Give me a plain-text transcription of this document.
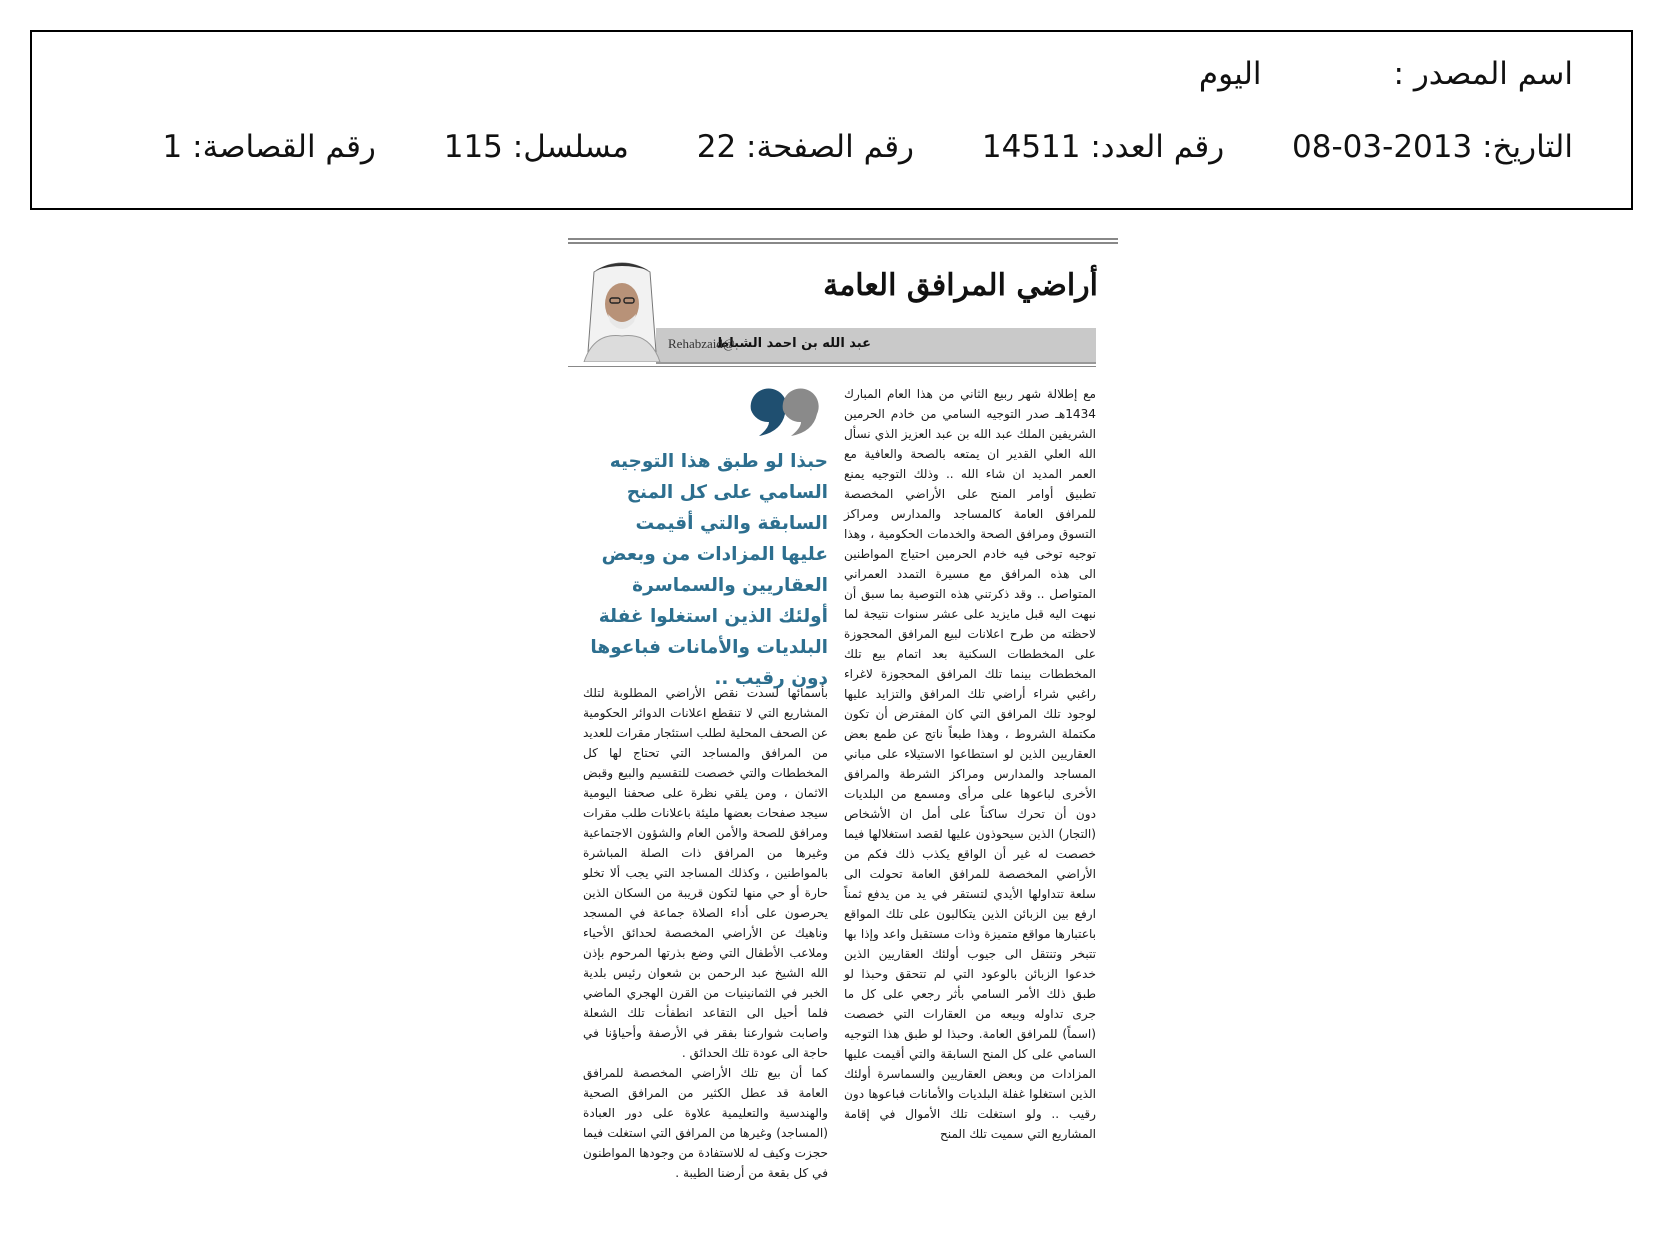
اسم المصدر :اليوم
التاريخ: 2013-03-08 رقم العدد: 14511 رقم الصفحة: 22 مسلسل: 115 رقم القصاصة: 1
عبد الله بن احمد الشباط
Rehabzaid@
أراضي المرافق العامة
مع إطلالة شهر ربيع الثاني من هذا العام المبارك 1434هـ صدر التوجيه السامي من خادم الحرمين الشريفين الملك عبد الله بن عبد العزيز الذي نسأل الله العلي القدير ان يمتعه بالصحة والعافية مع العمر المديد ان شاء الله .. وذلك التوجيه يمنع تطبيق أوامر المنح على الأراضي المخصصة للمرافق العامة كالمساجد والمدارس ومراكز التسوق ومرافق الصحة والخدمات الحكومية ، وهذا توجيه توخى فيه خادم الحرمين احتياج المواطنين الى هذه المرافق مع مسيرة التمدد العمراني المتواصل .. وقد ذكرتني هذه التوصية بما سبق أن نبهت اليه قبل مايزيد على عشر سنوات نتيجة لما لاحظته من طرح اعلانات لبيع المرافق المحجوزة على المخططات السكنية بعد اتمام بيع تلك المخططات بينما تلك المرافق المحجوزة لاغراء راغبي شراء أراضي تلك المرافق والتزايد عليها لوجود تلك المرافق التي كان المفترض أن تكون مكتملة الشروط ، وهذا طبعاً ناتج عن طمع بعض العقاريين الذين لو استطاعوا الاستيلاء على مباني المساجد والمدارس ومراكز الشرطة والمرافق الأخرى لباعوها على مرأى ومسمع من البلديات دون أن تحرك ساكناً على أمل ان الأشخاص (التجار) الذين سيحوذون عليها لقصد استغلالها فيما خصصت له غير أن الواقع يكذب ذلك فكم من الأراضي المخصصة للمرافق العامة تحولت الى سلعة تتداولها الأيدي لتستقر في يد من يدفع ثمناً ارفع بين الزبائن الذين يتكالبون على تلك المواقع باعتبارها مواقع متميزة وذات مستقبل واعد وإذا بها تتبخر وتنتقل الى جيوب أولئك العقاريين الذين خدعوا الزبائن بالوعود التي لم تتحقق وحبذا لو طبق ذلك الأمر السامي بأثر رجعي على كل ما جرى تداوله وبيعه من العقارات التي خصصت (اسماً) للمرافق العامة. وحبذا لو طبق هذا التوجيه السامي على كل المنح السابقة والتي أقيمت عليها المزادات من وبعض العقاريين والسماسرة أولئك الذين استغلوا غفلة البلديات والأمانات فباعوها دون رقيب .. ولو استغلت تلك الأموال في إقامة المشاريع التي سميت تلك المنح
حبذا لو طبق هذا التوجيه السامي على كل المنح السابقة والتي أقيمت عليها المزادات من وبعض العقاريين والسماسرة أولئك الذين استغلوا غفلة البلديات والأمانات فباعوها دون رقيب ..

بأسمائها لسدت نقص الأراضي المطلوبة لتلك المشاريع التي لا تنقطع اعلانات الدوائر الحكومية عن الصحف المحلية لطلب استئجار مقرات للعديد من المرافق والمساجد التي تحتاج لها كل المخططات والتي خصصت للتقسيم والبيع وقبض الاثمان ، ومن يلقي نظرة على صحفنا اليومية سيجد صفحات بعضها مليئة باعلانات طلب مقرات ومرافق للصحة والأمن العام والشؤون الاجتماعية وغيرها من المرافق ذات الصلة المباشرة بالمواطنين ، وكذلك المساجد التي يجب ألا تخلو حارة أو حي منها لتكون قريبة من السكان الذين يحرصون على أداء الصلاة جماعة في المسجد وناهيك عن الأراضي المخصصة لحدائق الأحياء وملاعب الأطفال التي وضع بذرتها المرحوم بإذن الله الشيخ عبد الرحمن بن شعوان رئيس بلدية الخبر في الثمانينيات من القرن الهجري الماضي فلما أحيل الى التقاعد انطفأت تلك الشعلة واصابت شوارعنا بفقر في الأرصفة وأحياؤنا في حاجة الى عودة تلك الحدائق .

كما أن بيع تلك الأراضي المخصصة للمرافق العامة قد عطل الكثير من المرافق الصحية والهندسية والتعليمية علاوة على دور العبادة (المساجد) وغيرها من المرافق التي استغلت فيما حجزت وكيف له للاستفادة من وجودها المواطنون في كل بقعة من أرضنا الطيبة .
